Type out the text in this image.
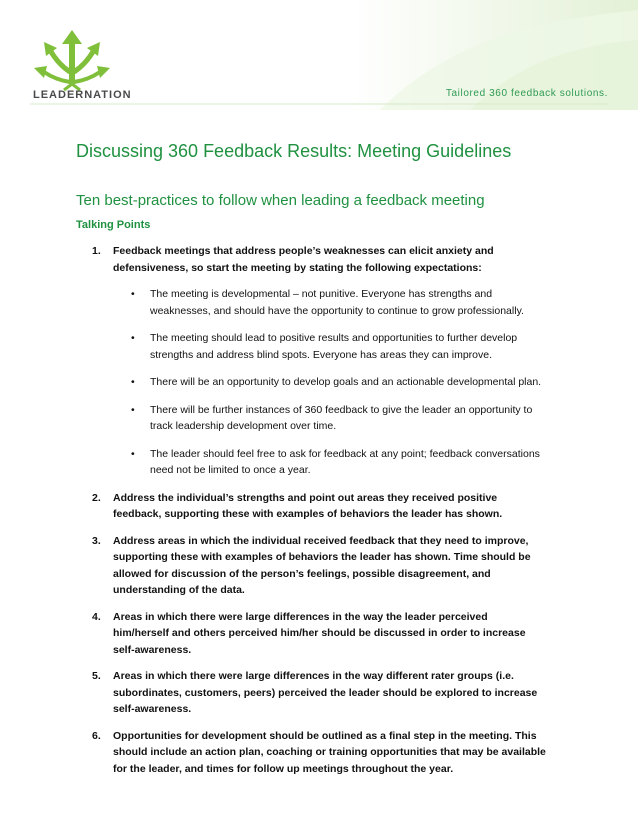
LEADERNATION	Tailored 360 feedback solutions.
Discussing 360 Feedback Results: Meeting Guidelines
Ten best-practices to follow when leading a feedback meeting
Talking Points
1. Feedback meetings that address people’s weaknesses can elicit anxiety and defensiveness, so start the meeting by stating the following expectations:
• The meeting is developmental – not punitive. Everyone has strengths and weaknesses, and should have the opportunity to continue to grow professionally.
• The meeting should lead to positive results and opportunities to further develop strengths and address blind spots. Everyone has areas they can improve.
• There will be an opportunity to develop goals and an actionable developmental plan.
• There will be further instances of 360 feedback to give the leader an opportunity to track leadership development over time.
• The leader should feel free to ask for feedback at any point; feedback conversations need not be limited to once a year.
2. Address the individual’s strengths and point out areas they received positive feedback, supporting these with examples of behaviors the leader has shown.
3. Address areas in which the individual received feedback that they need to improve, supporting these with examples of behaviors the leader has shown. Time should be allowed for discussion of the person’s feelings, possible disagreement, and understanding of the data.
4. Areas in which there were large differences in the way the leader perceived him/herself and others perceived him/her should be discussed in order to increase self-awareness.
5. Areas in which there were large differences in the way different rater groups (i.e. subordinates, customers, peers) perceived the leader should be explored to increase self-awareness.
6. Opportunities for development should be outlined as a final step in the meeting. This should include an action plan, coaching or training opportunities that may be available for the leader, and times for follow up meetings throughout the year.
